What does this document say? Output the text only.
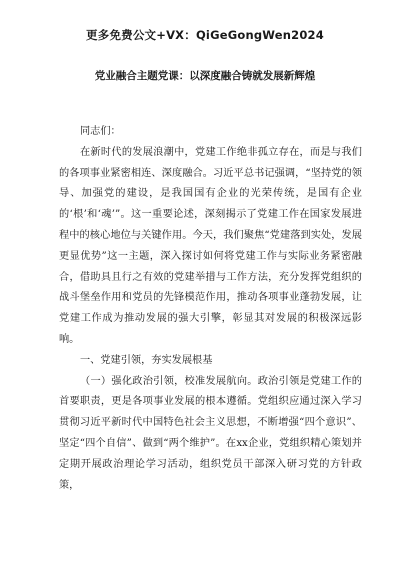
更多免费公文+VX：QiGeGongWen2024
党业融合主题党课：以深度融合铸就发展新辉煌

同志们：

在新时代的发展浪潮中，党建工作绝非孤立存在，而是与我们的各项事业紧密相连、深度融合。习近平总书记强调，“坚持党的领导、加强党的建设，是我国国有企业的光荣传统，是国有企业的‘根’和‘魂’”。这一重要论述，深刻揭示了党建工作在国家发展进程中的核心地位与关键作用。今天，我们聚焦“党建落到实处，发展更显优势”这一主题，深入探讨如何将党建工作与实际业务紧密融合，借助具且行之有效的党建举措与工作方法，充分发挥党组织的战斗堡垒作用和党员的先锋模范作用，推动各项事业蓬勃发展，让党建工作成为推动发展的强大引擎，彰显其对发展的积极深远影响。

一、党建引领，夯实发展根基

（一）强化政治引领，校准发展航向。政治引领是党建工作的首要职责，更是各项事业发展的根本遵循。党组织应通过深入学习贯彻习近平新时代中国特色社会主义思想，不断增强“四个意识”、坚定“四个自信”、做到“两个维护”。在xx企业，党组织精心策划并定期开展政治理论学习活动，组织党员干部深入研习党的方针政策，
